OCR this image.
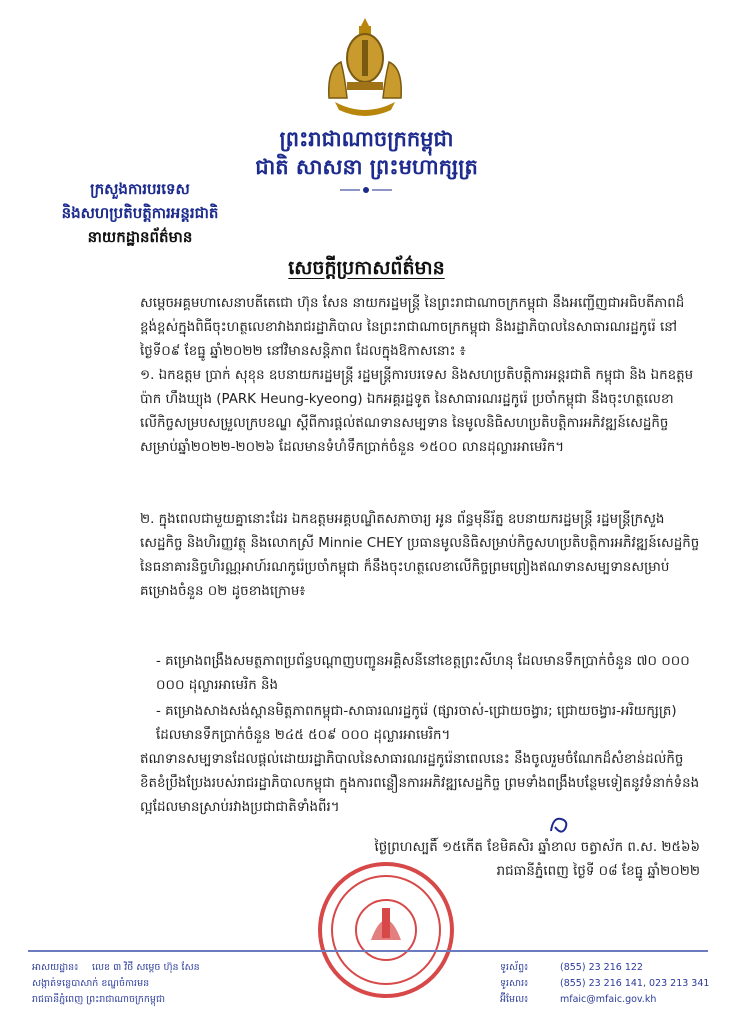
ព្រះរាជាណាចក្រកម្ពុជា
ជាតិ សាសនា ព្រះមហាក្សត្រ
ក្រសួងការបរទេស
និងសហប្រតិបត្តិការអន្តរជាតិ
នាយកដ្ឋានព័ត៌មាន
សេចក្តីប្រកាសព័ត៌មាន
សម្តេចអគ្គមហាសេនាបតីតេជោ ហ៊ុន សែន នាយករដ្ឋមន្ត្រី នៃព្រះរាជាណាចក្រកម្ពុជា នឹងអញ្ជើញជាអធិបតីភាពដ៏ខ្ពង់ខ្ពស់ក្នុងពិធីចុះហត្ថលេខាវាងរាជរដ្ឋាភិបាល នៃព្រះរាជាណាចក្រកម្ពុជា និងរដ្ឋាភិបាលនៃសាធារណរដ្ឋកូរ៉េ នៅថ្ងៃទី០៩ ខែធ្នូ ឆ្នាំ២០២២ នៅវិមានសន្តិភាព ដែលក្នុងឱកាសនោះ ៖
១. ឯកឧត្តម ប្រាក់ សុខុន ឧបនាយករដ្ឋមន្ត្រី រដ្ឋមន្ត្រីការបរទេស និងសហប្រតិបត្តិការអន្តរជាតិ កម្ពុជា និង ឯកឧត្តម ប៉ាក ហឹងឃ្យុង (PARK Heung-kyeong) ឯកអគ្គរដ្ឋទូត នៃសាធារណរដ្ឋកូរ៉េ ប្រចាំកម្ពុជា នឹងចុះហត្ថលេខាលើកិច្ចសម្របសម្រួលក្របខណ្ឌ ស្តីពីការផ្តល់ឥណទានសម្បទាន នៃមូលនិធិសហប្រតិបត្តិការអភិវឌ្ឍន៍សេដ្ឋកិច្ចសម្រាប់ឆ្នាំ២០២២-២០២៦ ដែលមានទំហំទឹកប្រាក់ចំនួន ១៥០០ លានដុល្លារអាមេរិក។
២. ក្នុងពេលជាមួយគ្នានោះដែរ ឯកឧត្តមអគ្គបណ្ឌិតសភាចារ្យ អូន ព័ន្ធមុនីរ័ត្ន ឧបនាយករដ្ឋមន្ត្រី រដ្ឋមន្ត្រីក្រសួងសេដ្ឋកិច្ច និងហិរញ្ញវត្ថុ និងលោកស្រី Minnie CHEY ប្រធានមូលនិធិសម្រាប់កិច្ចសហប្រតិបត្តិការអភិវឌ្ឍន៍សេដ្ឋកិច្ច នៃធនាគារនិច្ចហិរណ្ណអាហ៍រណកូរ៉េប្រចាំកម្ពុជា ក៏នឹងចុះហត្ថលេខាលើកិច្ចព្រមព្រៀងឥណទានសម្បទានសម្រាប់គម្រោងចំនួន ០២ ដូចខាងក្រោម៖
- គម្រោងពង្រឹងសមត្ថភាពប្រព័ន្ធបណ្តាញបញ្ជូនអគ្គិសនីនៅខេត្តព្រះសីហនុ ដែលមានទឹកប្រាក់ចំនួន ៧០ ០០០ ០០០ ដុល្លារអាមេរិក និង
- គម្រោងសាងសង់ស្ពានមិត្តភាពកម្ពុជា-សាធារណរដ្ឋកូរ៉េ (ផ្សារចាស់-ជ្រោយចង្វារ; ជ្រោយចង្វារ-អរិយក្សត្រ) ដែលមានទឹកប្រាក់ចំនួន ២៤៥ ៥០៩ ០០០ ដុល្លារអាមេរិក។
ឥណទានសម្បទានដែលផ្តល់ដោយរដ្ឋាភិបាលនៃសាធារណរដ្ឋកូរ៉េនាពេលនេះ នឹងចូលរួមចំណែកដ៏សំខាន់ដល់កិច្ចខិតខំប្រឹងប្រែងរបស់រាជរដ្ឋាភិបាលកម្ពុជា ក្នុងការពន្លឿនការអភិវឌ្ឍសេដ្ឋកិច្ច ព្រមទាំងពង្រឹងបន្ថែមទៀតនូវទំនាក់ទំនងល្អដែលមានស្រាប់រវាងប្រជាជាតិទាំងពីរ។
ថ្ងៃព្រហស្បតិ៍ ១៥កើត ខែមិគសិរ ឆ្នាំខាល ចត្វាស័ក ព.ស. ២៥៦៦
រាជធានីភ្នំពេញ ថ្ងៃទី ០៨ ខែធ្នូ ឆ្នាំ២០២២
អាសយដ្ឋាន៖ លេខ ៣ វិថី សម្តេច ហ៊ុន សែន
សង្កាត់ទន្លេបាសាក់ ខណ្ឌចំការមន
រាជធានីភ្នំពេញ ព្រះរាជាណាចក្រកម្ពុជា
ទូរស័ព្ទ៖	(855) 23 216 122
ទូរសារ៖	(855) 23 216 141, 023 213 341
អ៊ីមែល៖	mfaic@mfaic.gov.kh
